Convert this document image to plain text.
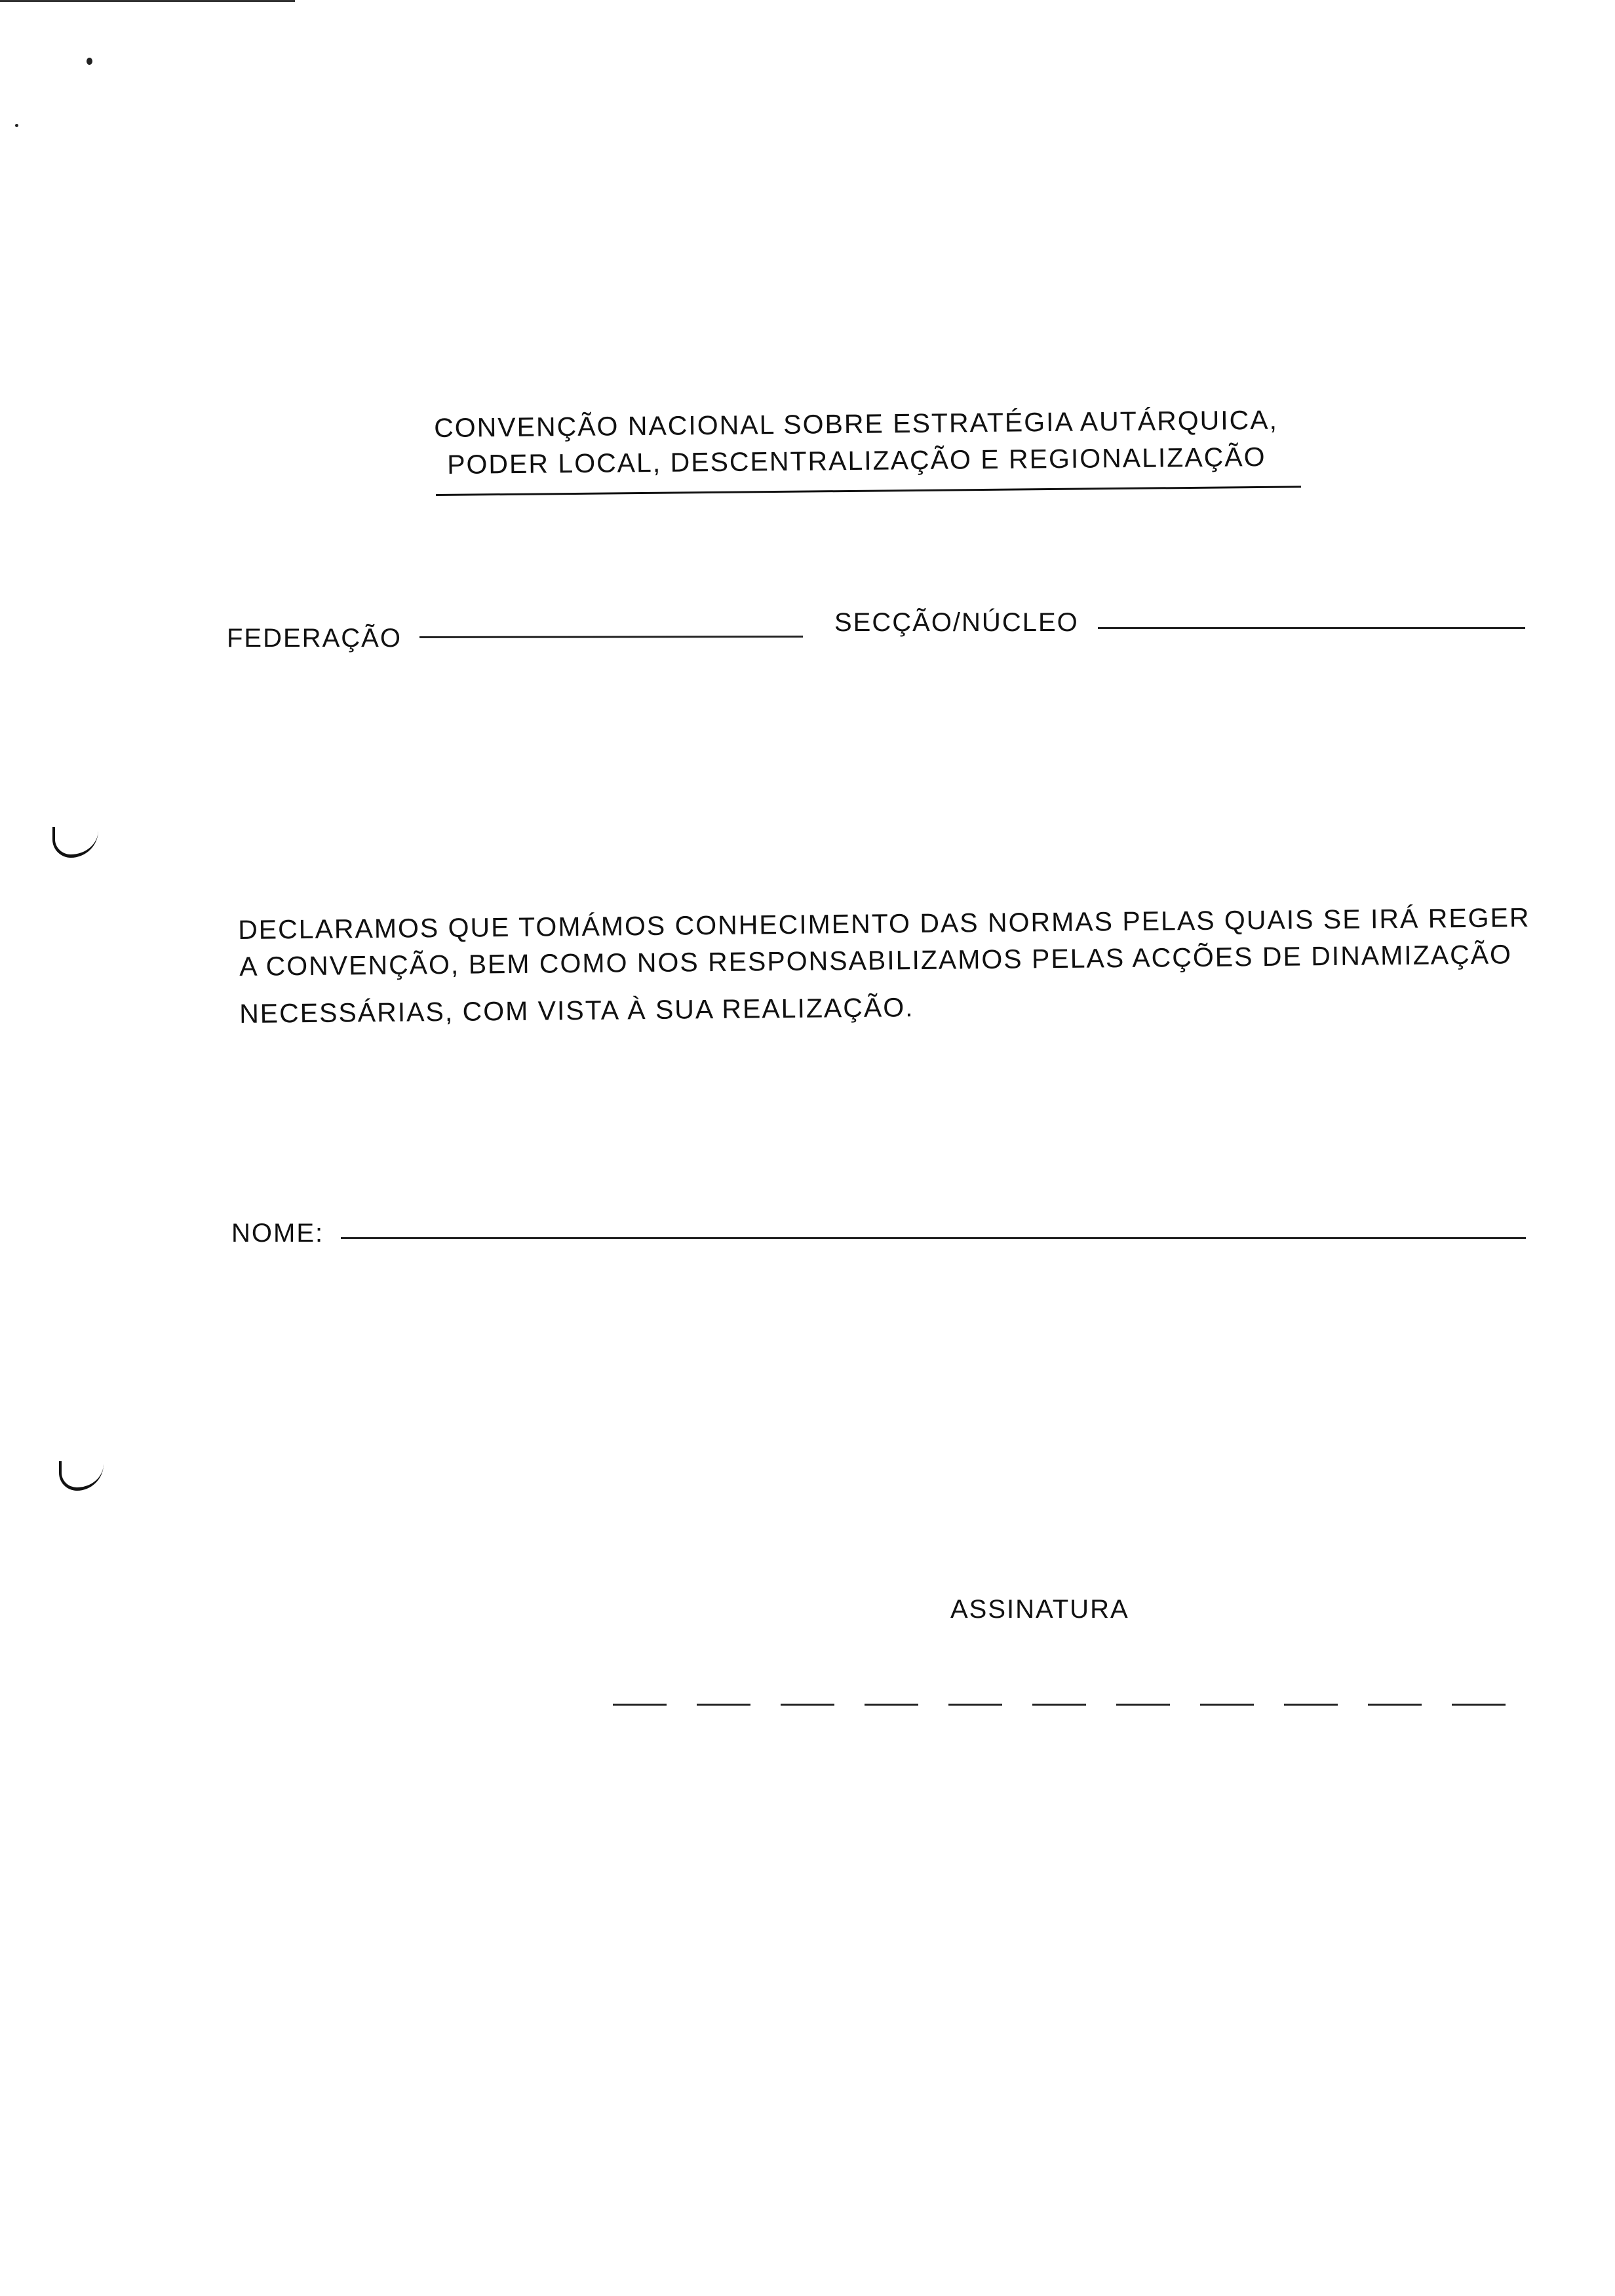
CONVENÇÃO NACIONAL SOBRE ESTRATÉGIA AUTÁRQUICA,
PODER LOCAL, DESCENTRALIZAÇÃO E REGIONALIZAÇÃO
FEDERAÇÃO
SECÇÃO/NÚCLEO
DECLARAMOS QUE TOMÁMOS CONHECIMENTO DAS NORMAS PELAS QUAIS SE IRÁ REGER
A CONVENÇÃO, BEM COMO NOS RESPONSABILIZAMOS PELAS ACÇÕES DE DINAMIZAÇÃO
NECESSÁRIAS, COM VISTA À SUA REALIZAÇÃO.
NOME:
ASSINATURA
